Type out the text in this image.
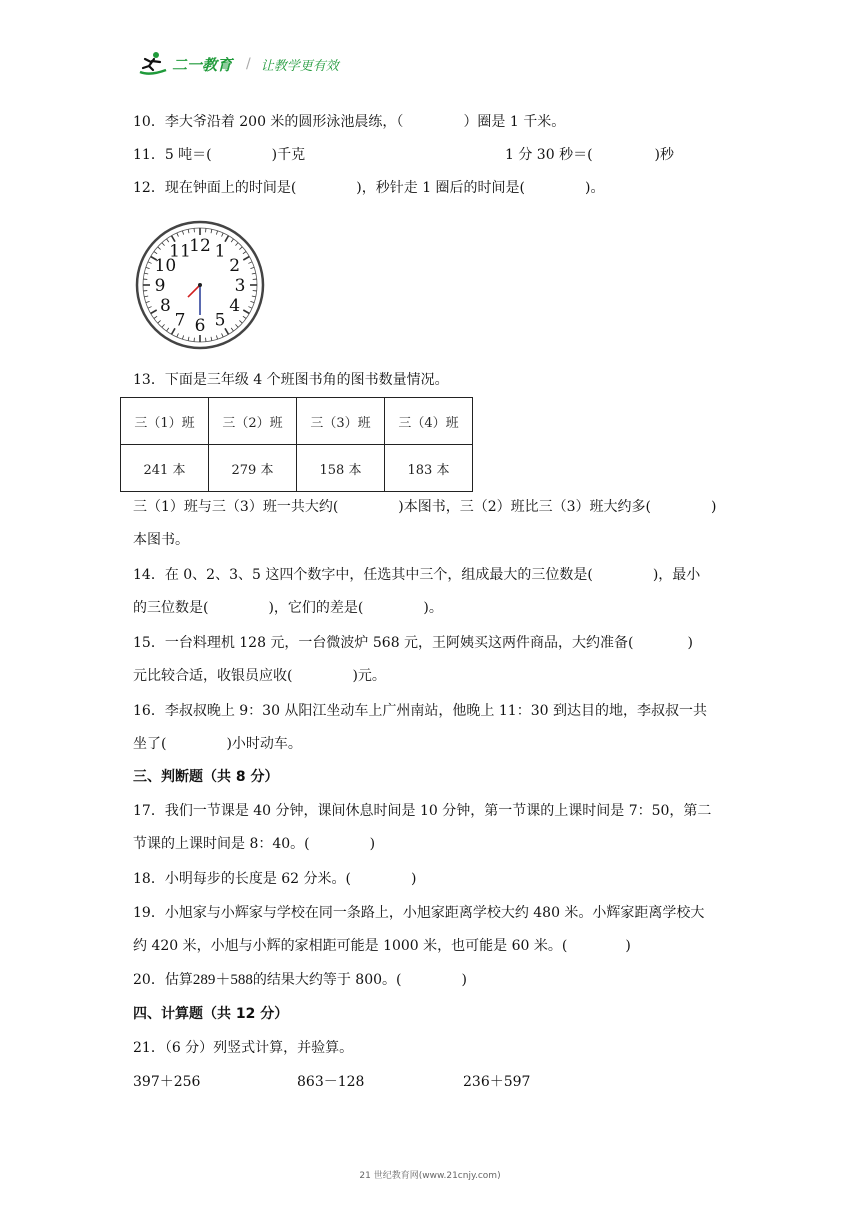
二一教育 / 让教学更有效
10．李大爷沿着 200 米的圆形泳池晨练，（	）圈是 1 千米。
11．5 吨＝(	)千克	1 分 30 秒＝(	)秒
12．现在钟面上的时间是(	)，秒针走 1 圈后的时间是(	)。
12 1
2
3
4
5
6
7
8
9
10
11
13．下面是三年级 4 个班图书角的图书数量情况。
三（1）班	三（2）班	三（3）班	三（4）班
241 本	279 本	158 本	183 本
三（1）班与三（3）班一共大约(	)本图书，三（2）班比三（3）班大约多(	)
本图书。
14．在 0、2、3、5 这四个数字中，任选其中三个，组成最大的三位数是(	)，最小
的三位数是(	)，它们的差是(	)。
15．一台料理机 128 元，一台微波炉 568 元，王阿姨买这两件商品，大约准备(	)
元比较合适，收银员应收(	)元。
16．李叔叔晚上 9：30 从阳江坐动车上广州南站，他晚上 11：30 到达目的地，李叔叔一共
坐了(	)小时动车。
三、判断题（共 8 分）
17．我们一节课是 40 分钟，课间休息时间是 10 分钟，第一节课的上课时间是 7：50，第二
节课的上课时间是 8：40。(	)
18．小明每步的长度是 62 分米。(	)
19．小旭家与小辉家与学校在同一条路上，小旭家距离学校大约 480 米。小辉家距离学校大
约 420 米，小旭与小辉的家相距可能是 1000 米，也可能是 60 米。(	)
20．估算289＋588的结果大约等于 800。(	)
四、计算题（共 12 分）
21．（6 分）列竖式计算，并验算。
397＋256	863－128	236＋597
21 世纪教育网(www.21cnjy.com)
